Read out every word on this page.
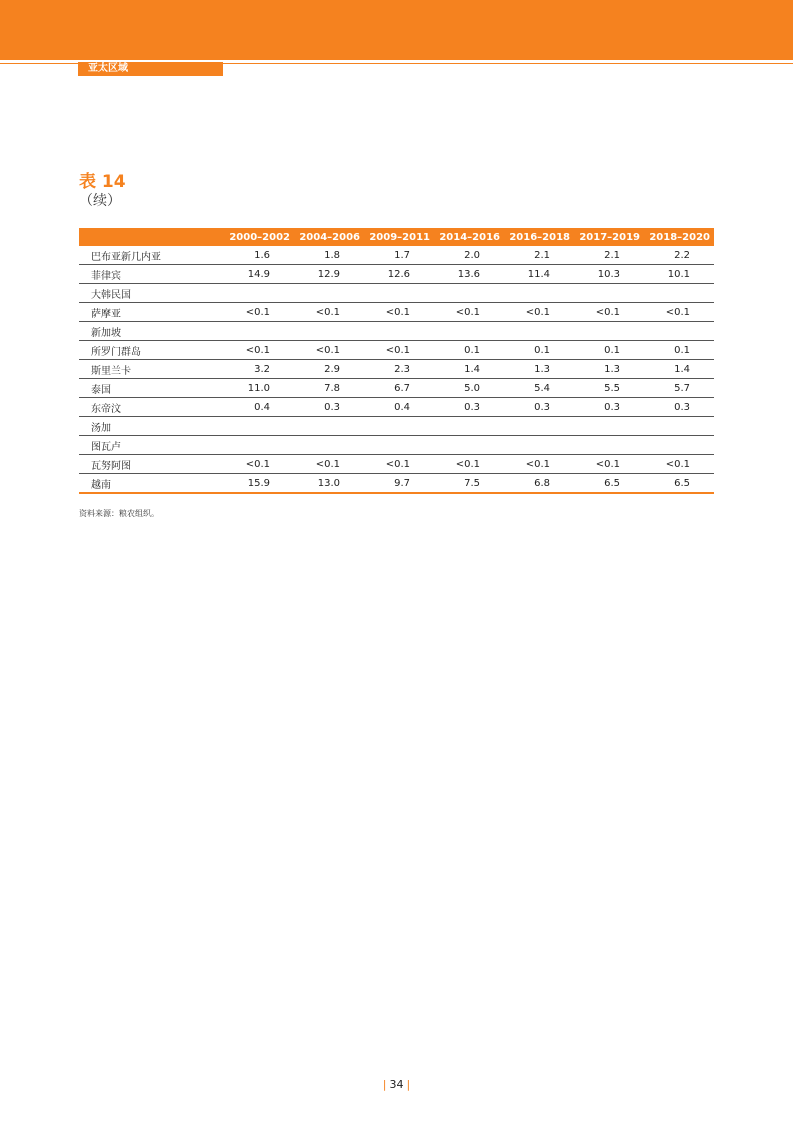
亚太区域
表 14
（续）
	2000–2002	2004–2006	2009–2011	2014–2016	2016–2018	2017–2019	2018–2020
巴布亚新几内亚	1.6	1.8	1.7	2.0	2.1	2.1	2.2
菲律宾	14.9	12.9	12.6	13.6	11.4	10.3	10.1
大韩民国							
萨摩亚	<0.1	<0.1	<0.1	<0.1	<0.1	<0.1	<0.1
新加坡							
所罗门群岛	<0.1	<0.1	<0.1	0.1	0.1	0.1	0.1
斯里兰卡	3.2	2.9	2.3	1.4	1.3	1.3	1.4
泰国	11.0	7.8	6.7	5.0	5.4	5.5	5.7
东帝汶	0.4	0.3	0.4	0.3	0.3	0.3	0.3
汤加							
图瓦卢							
瓦努阿图	<0.1	<0.1	<0.1	<0.1	<0.1	<0.1	<0.1
越南	15.9	13.0	9.7	7.5	6.8	6.5	6.5
资料来源：粮农组织。
| 34 |
